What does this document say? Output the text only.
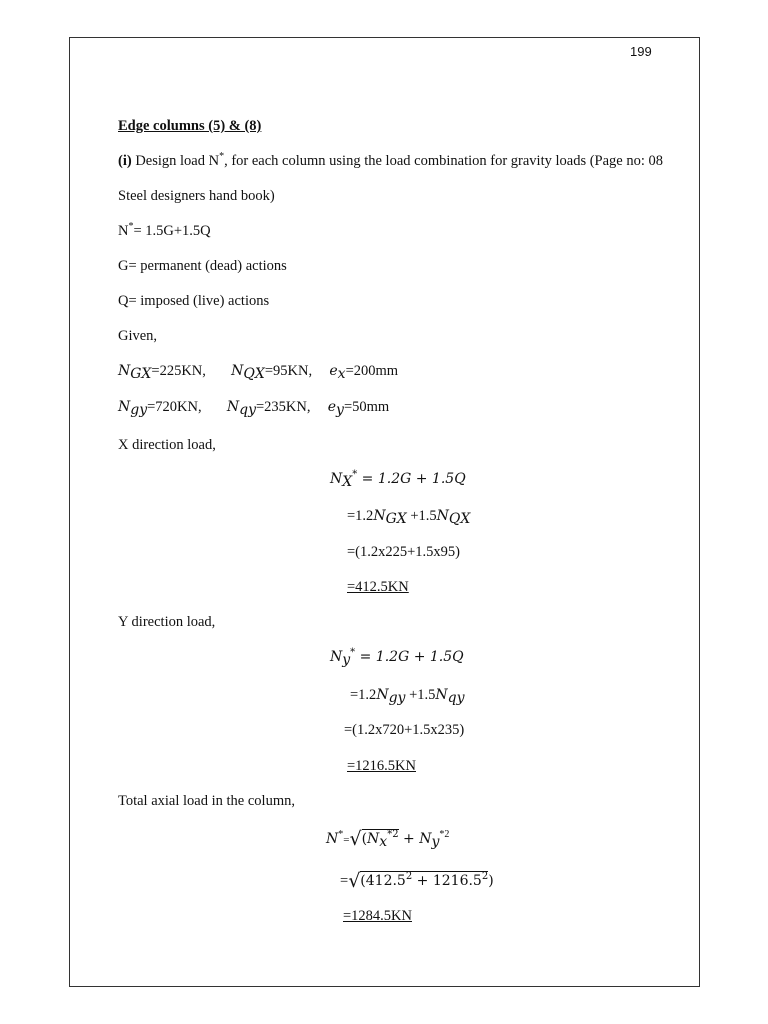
199
Edge columns (5) & (8)
(i) Design load N*, for each column using the load combination for gravity loads (Page no: 08
Steel designers hand book)
N*= 1.5G+1.5Q
G= permanent (dead) actions
Q= imposed (live) actions
Given,
$N_{GX}=225KN$, $N_{QX}=95KN$, $e_x=200mm$
$N_{gy}=720KN$, $N_{qy}=235KN$, $e_y=50mm$
X direction load,
$N_X^* = 1.2G + 1.5Q$
$=1.2N_{GX} +1.5N_{QX}$
=(1.2x225+1.5x95)
=412.5KN
Y direction load,
$N_y^* = 1.2G + 1.5Q$
$=1.2N_{gy} +1.5N_{qy}$
=(1.2x720+1.5x235)
=1216.5KN
Total axial load in the column,
$N^*=√(N_x^{*2} + N_y^{*2}$
$=√(412.5^2 + 1216.5^2)$
=1284.5KN
